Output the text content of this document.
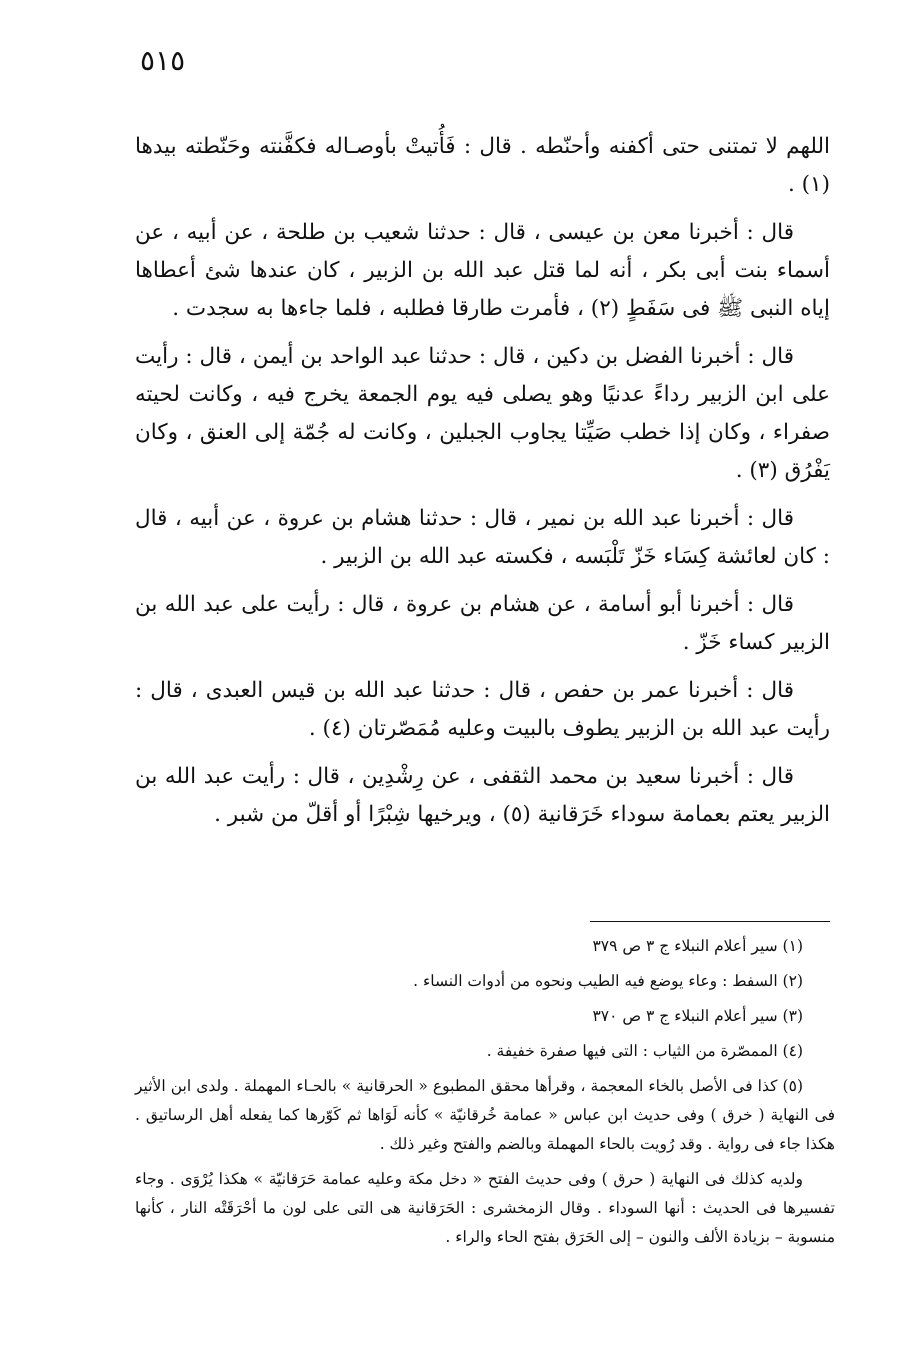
٥١٥

اللهم لا تمتنى حتى أكفنه وأحنّطه . قال : فَأُتيتْ بأوصـاله فكفَّنته وحَنّطته بيدها (١) .

قال : أخبرنا معن بن عيسى ، قال : حدثنا شعيب بن طلحة ، عن أبيه ، عن أسماء بنت أبى بكر ، أنه لما قتل عبد الله بن الزبير ، كان عندها شئ أعطاها إياه النبى ﷺ فى سَفَطٍ (٢) ، فأمرت طارقا فطلبه ، فلما جاءها به سجدت .

قال : أخبرنا الفضل بن دكين ، قال : حدثنا عبد الواحد بن أيمن ، قال : رأيت على ابن الزبير رداءً عدنيًا وهو يصلى فيه يوم الجمعة يخرج فيه ، وكانت لحيته صفراء ، وكان إذا خطب صَيِّتا يجاوب الجبلين ، وكانت له جُمّة إلى العنق ، وكان يَفْرُق (٣) .

قال : أخبرنا عبد الله بن نمير ، قال : حدثنا هشام بن عروة ، عن أبيه ، قال : كان لعائشة كِسَاء خَزّ تَلْبَسه ، فكسته عبد الله بن الزبير .

قال : أخبرنا أبو أسامة ، عن هشام بن عروة ، قال : رأيت على عبد الله بن الزبير كساء خَزّ .

قال : أخبرنا عمر بن حفص ، قال : حدثنا عبد الله بن قيس العبدى ، قال : رأيت عبد الله بن الزبير يطوف بالبيت وعليه مُمَصّرتان (٤) .

قال : أخبرنا سعيد بن محمد الثقفى ، عن رِشْدِين ، قال : رأيت عبد الله بن الزبير يعتم بعمامة سوداء خَرَقانية (٥) ، ويرخيها شِبْرًا أو أقلّ من شبر .

(١) سير أعلام النبلاء ج ٣ ص ٣٧٩

(٢) السفط : وعاء يوضع فيه الطيب ونحوه من أدوات النساء .

(٣) سير أعلام النبلاء ج ٣ ص ٣٧٠

(٤) الممصّرة من الثياب : التى فيها صفرة خفيفة .

(٥) كذا فى الأصل بالخاء المعجمة ، وقرأها محقق المطبوع « الحرقانية » بالحـاء المهملة . ولدى ابن الأثير فى النهاية ( خرق ) وفى حديث ابن عباس « عمامة خُرقانيّة » كأنه لَوَاها ثم كَوّرها كما يفعله أهل الرساتيق . هكذا جاء فى رواية . وقد رُويت بالحاء المهملة وبالضم والفتح وغير ذلك .

ولديه كذلك فى النهاية ( حرق ) وفى حديث الفتح « دخل مكة وعليه عمامة حَرَقانيّة » هكذا يُرْوَى . وجاء تفسيرها فى الحديث : أنها السوداء . وقال الزمخشرى : الحَرَقانية هى التى على لون ما أحْرَقَتْه النار ، كأنها منسوبة – بزيادة الألف والنون – إلى الحَرَق بفتح الحاء والراء .
